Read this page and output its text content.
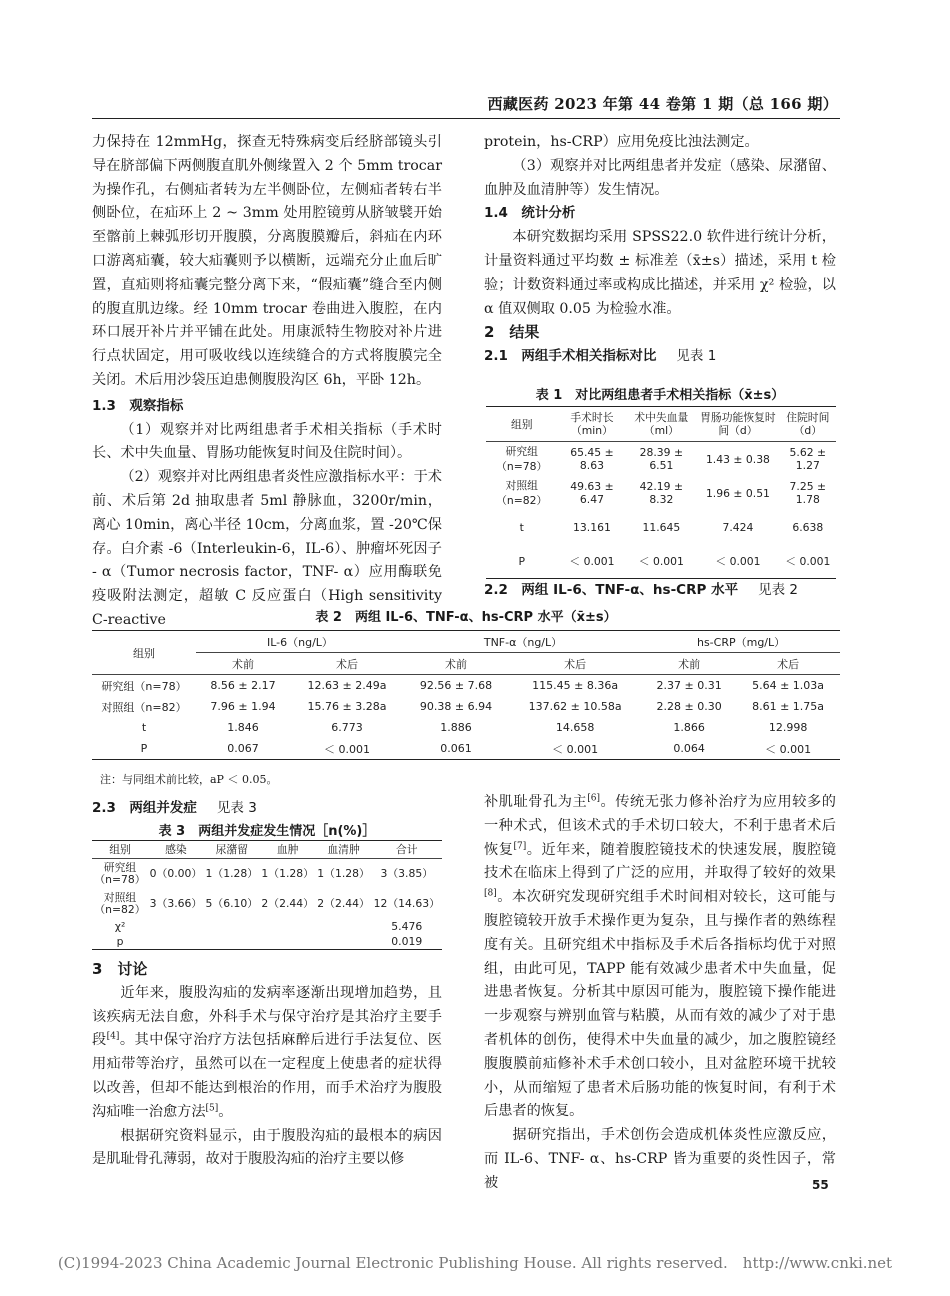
西藏医药 2023 年第 44 卷第 1 期（总 166 期）

力保持在 12mmHg，探查无特殊病变后经脐部镜头引导在脐部偏下两侧腹直肌外侧缘置入 2 个 5mm trocar 为操作孔，右侧疝者转为左半侧卧位，左侧疝者转右半侧卧位，在疝环上 2 ~ 3mm 处用腔镜剪从脐皱襞开始至髂前上棘弧形切开腹膜，分离腹膜瓣后，斜疝在内环口游离疝囊，较大疝囊则予以横断，远端充分止血后旷置，直疝则将疝囊完整分离下来，“假疝囊”缝合至内侧的腹直肌边缘。经 10mm trocar 卷曲进入腹腔，在内环口展开补片并平铺在此处。用康派特生物胶对补片进行点状固定，用可吸收线以连续缝合的方式将腹膜完全关闭。术后用沙袋压迫患侧腹股沟区 6h，平卧 12h。

1.3　观察指标

（1）观察并对比两组患者手术相关指标（手术时长、术中失血量、胃肠功能恢复时间及住院时间）。

（2）观察并对比两组患者炎性应激指标水平：于术前、术后第 2d 抽取患者 5ml 静脉血，3200r/min，离心 10min，离心半径 10cm，分离血浆，置 -20℃保存。白介素 -6（Interleukin-6，IL-6）、肿瘤坏死因子 - α（Tumor necrosis factor，TNF- α）应用酶联免疫吸附法测定，超敏 C 反应蛋白（High sensitivity C-reactive

protein，hs-CRP）应用免疫比浊法测定。

（3）观察并对比两组患者并发症（感染、尿潴留、血肿及血清肿等）发生情况。

1.4　统计分析

本研究数据均采用 SPSS22.0 软件进行统计分析，计量资料通过平均数 ± 标准差（x̄±s）描述，采用 t 检验；计数资料通过率或构成比描述，并采用 χ² 检验，以 α 值双侧取 0.05 为检验水准。

2　结果

2.1　两组手术相关指标对比 见表 1

表 1　对比两组患者手术相关指标（x̄±s）
组别	手术时长（min）	术中失血量（ml）	胃肠功能恢复时间（d）	住院时间（d）
研究组（n=78）	65.45 ± 8.63	28.39 ± 6.51	1.43 ± 0.38	5.62 ± 1.27
对照组（n=82）	49.63 ± 6.47	42.19 ± 8.32	1.96 ± 0.51	7.25 ± 1.78
t	13.161	11.645	7.424	6.638
P	＜ 0.001	＜ 0.001	＜ 0.001	＜ 0.001
2.2　两组 IL-6、TNF-α、hs-CRP 水平 见表 2
表 2　两组 IL-6、TNF-α、hs-CRP 水平（x̄±s）
组别	IL-6（ng/L）		TNF-α（ng/L）		hs-CRP（mg/L）	
	术前	术后	术前	术后	术前	术后
研究组（n=78）	8.56 ± 2.17	12.63 ± 2.49a	92.56 ± 7.68	115.45 ± 8.36a	2.37 ± 0.31	5.64 ± 1.03a
对照组（n=82）	7.96 ± 1.94	15.76 ± 3.28a	90.38 ± 6.94	137.62 ± 10.58a	2.28 ± 0.30	8.61 ± 1.75a
t	1.846	6.773	1.886	14.658	1.866	12.998
P	0.067	＜ 0.001	0.061	＜ 0.001	0.064	＜ 0.001
注：与同组术前比较，aP ＜ 0.05。
2.3　两组并发症 见表 3
表 3　两组并发症发生情况［n(%)］
组别	感染	尿潴留	血肿	血清肿	合计
研究组（n=78）	0（0.00）	1（1.28）	1（1.28）	1（1.28）	3（3.85）
对照组（n=82）	3（3.66）	5（6.10）	2（2.44）	2（2.44）	12（14.63）
χ²					5.476
p					0.019

3　讨论

近年来，腹股沟疝的发病率逐渐出现增加趋势，且该疾病无法自愈，外科手术与保守治疗是其治疗主要手段[4]。其中保守治疗方法包括麻醉后进行手法复位、医用疝带等治疗，虽然可以在一定程度上使患者的症状得以改善，但却不能达到根治的作用，而手术治疗为腹股沟疝唯一治愈方法[5]。

根据研究资料显示，由于腹股沟疝的最根本的病因是肌耻骨孔薄弱，故对于腹股沟疝的治疗主要以修

补肌耻骨孔为主[6]。传统无张力修补治疗为应用较多的一种术式，但该术式的手术切口较大，不利于患者术后恢复[7]。近年来，随着腹腔镜技术的快速发展，腹腔镜技术在临床上得到了广泛的应用，并取得了较好的效果[8]。本次研究发现研究组手术时间相对较长，这可能与腹腔镜较开放手术操作更为复杂，且与操作者的熟练程度有关。且研究组术中指标及手术后各指标均优于对照组，由此可见，TAPP 能有效减少患者术中失血量，促进患者恢复。分析其中原因可能为，腹腔镜下操作能进一步观察与辨别血管与粘膜，从而有效的减少了对于患者机体的创伤，使得术中失血量的减少，加之腹腔镜经腹腹膜前疝修补术手术创口较小，且对盆腔环境干扰较小，从而缩短了患者术后肠功能的恢复时间，有利于术后患者的恢复。

据研究指出，手术创伤会造成机体炎性应激反应，而 IL-6、TNF- α、hs-CRP 皆为重要的炎性因子，常被	55
(C)1994-2023 China Academic Journal Electronic Publishing House. All rights reserved.　http://www.cnki.net
